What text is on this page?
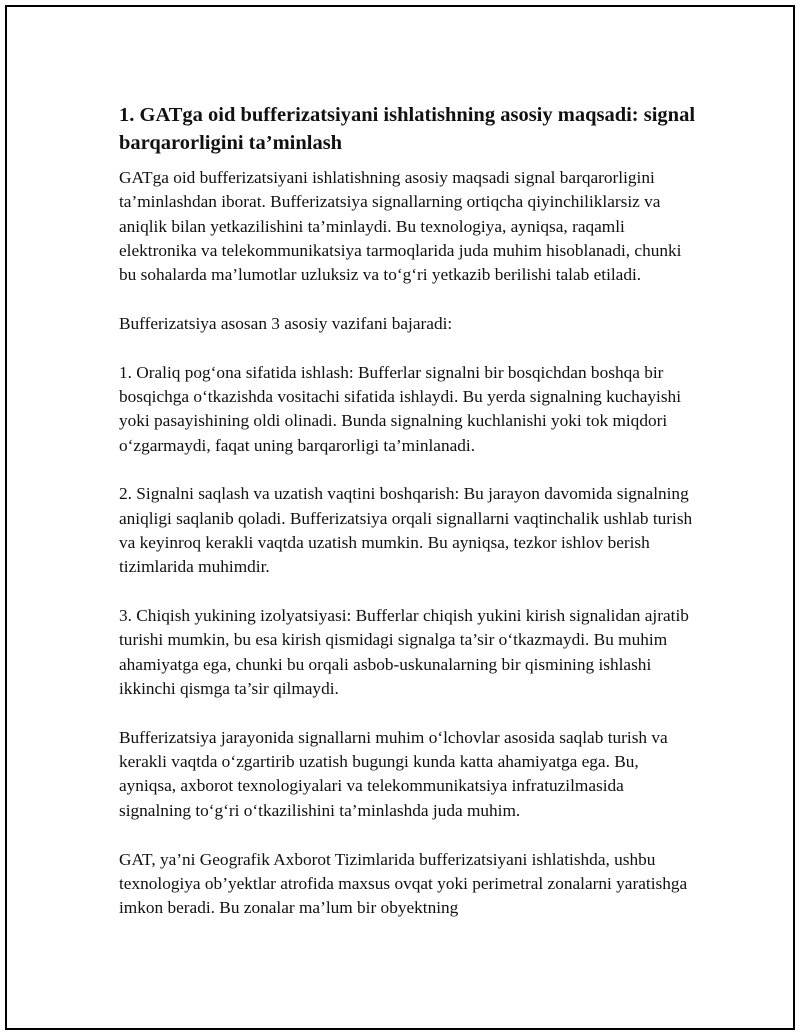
1. GATga oid bufferizatsiyani ishlatishning asosiy maqsadi: signal barqarorligini ta’minlash

GATga oid bufferizatsiyani ishlatishning asosiy maqsadi signal barqarorligini ta’minlashdan iborat. Bufferizatsiya signallarning ortiqcha qiyinchiliklarsiz va aniqlik bilan yetkazilishini ta’minlaydi. Bu texnologiya, ayniqsa, raqamli elektronika va telekommunikatsiya tarmoqlarida juda muhim hisoblanadi, chunki bu sohalarda ma’lumotlar uzluksiz va to‘g‘ri yetkazib berilishi talab etiladi.

Bufferizatsiya asosan 3 asosiy vazifani bajaradi:

1. Oraliq pog‘ona sifatida ishlash: Bufferlar signalni bir bosqichdan boshqa bir bosqichga o‘tkazishda vositachi sifatida ishlaydi. Bu yerda signalning kuchayishi yoki pasayishining oldi olinadi. Bunda signalning kuchlanishi yoki tok miqdori o‘zgarmaydi, faqat uning barqarorligi ta’minlanadi.

2. Signalni saqlash va uzatish vaqtini boshqarish: Bu jarayon davomida signalning aniqligi saqlanib qoladi. Bufferizatsiya orqali signallarni vaqtinchalik ushlab turish va keyinroq kerakli vaqtda uzatish mumkin. Bu ayniqsa, tezkor ishlov berish tizimlarida muhimdir.

3. Chiqish yukining izolyatsiyasi: Bufferlar chiqish yukini kirish signalidan ajratib turishi mumkin, bu esa kirish qismidagi signalga ta’sir o‘tkazmaydi. Bu muhim ahamiyatga ega, chunki bu orqali asbob-uskunalarning bir qismining ishlashi ikkinchi qismga ta’sir qilmaydi.

Bufferizatsiya jarayonida signallarni muhim o‘lchovlar asosida saqlab turish va kerakli vaqtda o‘zgartirib uzatish bugungi kunda katta ahamiyatga ega. Bu, ayniqsa, axborot texnologiyalari va telekommunikatsiya infratuzilmasida signalning to‘g‘ri o‘tkazilishini ta’minlashda juda muhim.

GAT, ya’ni Geografik Axborot Tizimlarida bufferizatsiyani ishlatishda, ushbu texnologiya ob’yektlar atrofida maxsus ovqat yoki perimetral zonalarni yaratishga imkon beradi. Bu zonalar ma’lum bir obyektning
